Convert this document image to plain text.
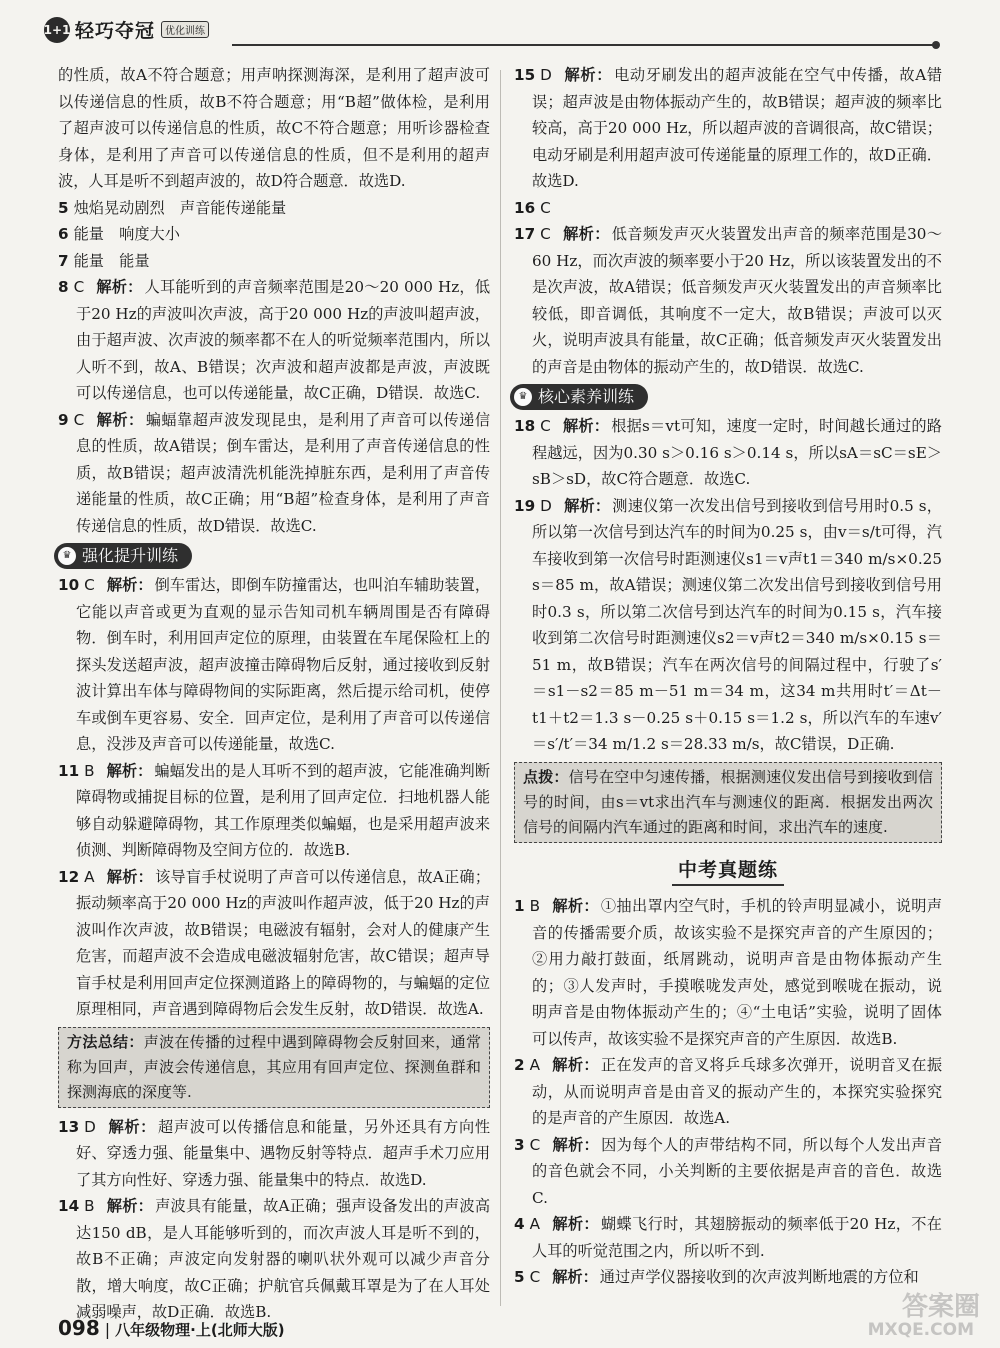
1+1 轻巧夺冠	优化训练

的性质，故A不符合题意；用声呐探测海深，是利用了超声波可以传递信息的性质，故B不符合题意；用“B超”做体检，是利用了超声波可以传递信息的性质，故C不符合题意；用听诊器检查身体，是利用了声音可以传递信息的性质，但不是利用的超声波，人耳是听不到超声波的，故D符合题意．故选D.

5 烛焰晃动剧烈　声音能传递能量

6 能量　响度大小

7 能量　能量

8 C 解析： 人耳能听到的声音频率范围是20～20 000 Hz，低于20 Hz的声波叫次声波，高于20 000 Hz的声波叫超声波，由于超声波、次声波的频率都不在人的听觉频率范围内，所以人听不到，故A、B错误；次声波和超声波都是声波，声波既可以传递信息，也可以传递能量，故C正确，D错误．故选C.

9 C 解析： 蝙蝠靠超声波发现昆虫，是利用了声音可以传递信息的性质，故A错误；倒车雷达，是利用了声音传递信息的性质，故B错误；超声波清洗机能洗掉脏东西，是利用了声音传递能量的性质，故C正确；用“B超”检查身体，是利用了声音传递信息的性质，故D错误．故选C.

♛ 强化提升训练

10 C 解析： 倒车雷达，即倒车防撞雷达，也叫泊车辅助装置，它能以声音或更为直观的显示告知司机车辆周围是否有障碍物．倒车时，利用回声定位的原理，由装置在车尾保险杠上的探头发送超声波，超声波撞击障碍物后反射，通过接收到反射波计算出车体与障碍物间的实际距离，然后提示给司机，使停车或倒车更容易、安全．回声定位，是利用了声音可以传递信息，没涉及声音可以传递能量，故选C.

11 B 解析： 蝙蝠发出的是人耳听不到的超声波，它能准确判断障碍物或捕捉目标的位置，是利用了回声定位．扫地机器人能够自动躲避障碍物，其工作原理类似蝙蝠，也是采用超声波来侦测、判断障碍物及空间方位的．故选B.

12 A 解析： 该导盲手杖说明了声音可以传递信息，故A正确；振动频率高于20 000 Hz的声波叫作超声波，低于20 Hz的声波叫作次声波，故B错误；电磁波有辐射，会对人的健康产生危害，而超声波不会造成电磁波辐射危害，故C错误；超声导盲手杖是利用回声定位探测道路上的障碍物的，与蝙蝠的定位原理相同，声音遇到障碍物后会发生反射，故D错误．故选A.

方法总结：声波在传播的过程中遇到障碍物会反射回来，通常称为回声，声波会传递信息，其应用有回声定位、探测鱼群和探测海底的深度等.

13 D 解析： 超声波可以传播信息和能量，另外还具有方向性好、穿透力强、能量集中、遇物反射等特点．超声手术刀应用了其方向性好、穿透力强、能量集中的特点．故选D.

14 B 解析： 声波具有能量，故A正确；强声设备发出的声波高达150 dB，是人耳能够听到的，而次声波人耳是听不到的，故B不正确；声波定向发射器的喇叭状外观可以减少声音分散，增大响度，故C正确；护航官兵佩戴耳罩是为了在人耳处减弱噪声，故D正确．故选B.

15 D 解析： 电动牙刷发出的超声波能在空气中传播，故A错误；超声波是由物体振动产生的，故B错误；超声波的频率比较高，高于20 000 Hz，所以超声波的音调很高，故C错误；电动牙刷是利用超声波可传递能量的原理工作的，故D正确．故选D.

16 C

17 C 解析： 低音频发声灭火装置发出声音的频率范围是30～60 Hz，而次声波的频率要小于20 Hz，所以该装置发出的不是次声波，故A错误；低音频发声灭火装置发出的声音频率比较低，即音调低，其响度不一定大，故B错误；声波可以灭火，说明声波具有能量，故C正确；低音频发声灭火装置发出的声音是由物体的振动产生的，故D错误．故选C.

♛ 核心素养训练

18 C 解析： 根据s＝vt可知，速度一定时，时间越长通过的路程越远，因为0.30 s＞0.16 s＞0.14 s，所以sA＝sC＝sE＞sB＞sD，故C符合题意．故选C.

19 D 解析： 测速仪第一次发出信号到接收到信号用时0.5 s，所以第一次信号到达汽车的时间为0.25 s，由v＝s/t可得，汽车接收到第一次信号时距测速仪s1＝v声t1＝340 m/s×0.25 s＝85 m，故A错误；测速仪第二次发出信号到接收到信号用时0.3 s，所以第二次信号到达汽车的时间为0.15 s，汽车接收到第二次信号时距测速仪s2＝v声t2＝340 m/s×0.15 s＝51 m，故B错误；汽车在两次信号的间隔过程中，行驶了s′＝s1－s2＝85 m－51 m＝34 m，这34 m共用时t′＝Δt－t1＋t2＝1.3 s－0.25 s＋0.15 s＝1.2 s，所以汽车的车速v′＝s′/t′＝34 m/1.2 s＝28.33 m/s，故C错误，D正确.

点拨：信号在空中匀速传播，根据测速仪发出信号到接收到信号的时间，由s＝vt求出汽车与测速仪的距离．根据发出两次信号的间隔内汽车通过的距离和时间，求出汽车的速度.
中考真题练

1 B 解析： ①抽出罩内空气时，手机的铃声明显减小，说明声音的传播需要介质，故该实验不是探究声音的产生原因的；②用力敲打鼓面，纸屑跳动，说明声音是由物体振动产生的；③人发声时，手摸喉咙发声处，感觉到喉咙在振动，说明声音是由物体振动产生的；④“土电话”实验，说明了固体可以传声，故该实验不是探究声音的产生原因．故选B.

2 A 解析： 正在发声的音叉将乒乓球多次弹开，说明音叉在振动，从而说明声音是由音叉的振动产生的，本探究实验探究的是声音的产生原因．故选A.

3 C 解析： 因为每个人的声带结构不同，所以每个人发出声音的音色就会不同，小关判断的主要依据是声音的音色．故选C.

4 A 解析： 蝴蝶飞行时，其翅膀振动的频率低于20 Hz，不在人耳的听觉范围之内，所以听不到.

5 C 解析： 通过声学仪器接收到的次声波判断地震的方位和

098 | 八年级物理·上(北师大版)
答案圈
MXQE.COM
